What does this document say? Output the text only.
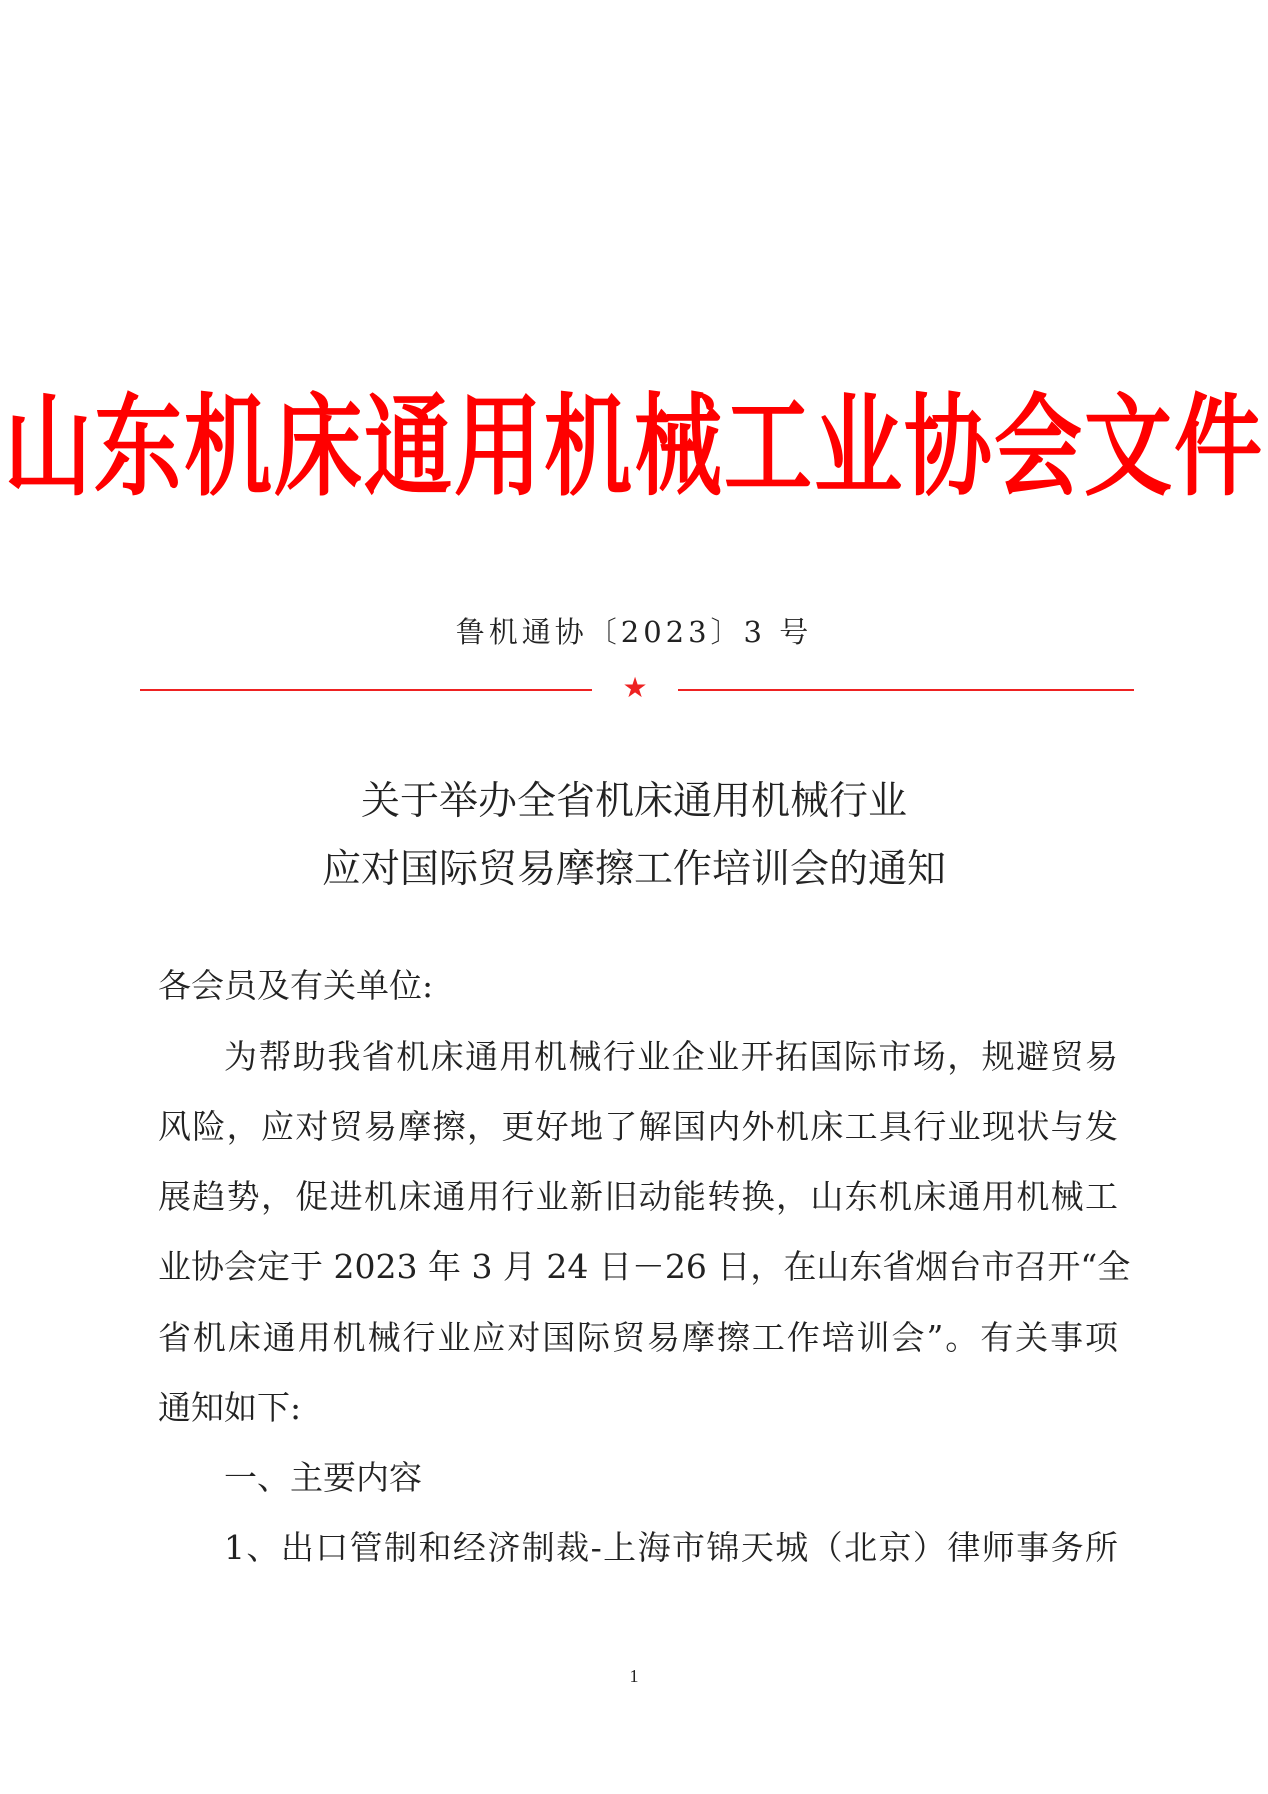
山东机床通用机械工业协会文件
鲁机通协〔2023〕3 号
★
关于举办全省机床通用机械行业
应对国际贸易摩擦工作培训会的通知
各会员及有关单位:
为帮助我省机床通用机械行业企业开拓国际市场，规避贸易
风险，应对贸易摩擦，更好地了解国内外机床工具行业现状与发
展趋势，促进机床通用行业新旧动能转换，山东机床通用机械工
业协会定于 2023 年 3 月 24 日－26 日，在山东省烟台市召开“全
省机床通用机械行业应对国际贸易摩擦工作培训会”。有关事项
通知如下:
一、主要内容
1、出口管制和经济制裁-上海市锦天城（北京）律师事务所
1
